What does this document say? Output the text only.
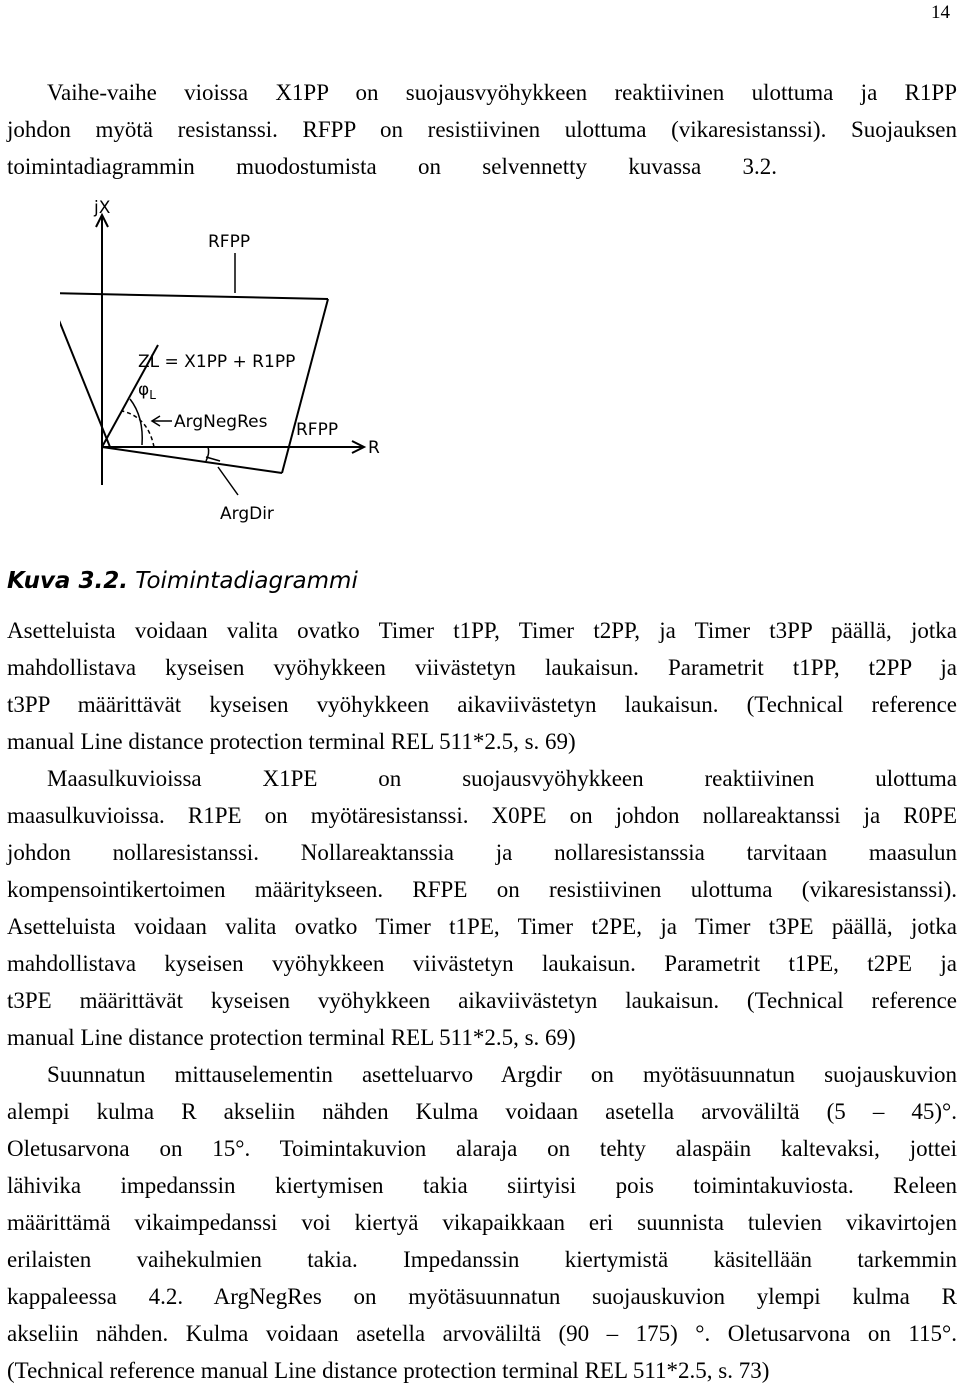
14
Vaihe-vaihe vioissa X1PP on suojausvyöhykkeen reaktiivinen ulottuma ja R1PP
johdon myötä resistanssi. RFPP on resistiivinen ulottuma (vikaresistanssi). Suojauksen
toimintadiagrammin muodostumista on selvennetty kuvassa 3.2.
jX
RFPP
ZL = X1PP + R1PP
$\varphi_L$
ArgNegRes RFPP
R
ArgDir
Kuva 3.2. Toimintadiagrammi
Asetteluista voidaan valita ovatko Timer t1PP, Timer t2PP, ja Timer t3PP päällä, jotka
mahdollistava kyseisen vyöhykkeen viivästetyn laukaisun. Parametrit t1PP, t2PP ja
t3PP määrittävät kyseisen vyöhykkeen aikaviivästetyn laukaisun. (Technical reference
manual Line distance protection terminal REL 511*2.5, s. 69)
Maasulkuvioissa X1PE on suojausvyöhykkeen reaktiivinen ulottuma
maasulkuvioissa. R1PE on myötäresistanssi. X0PE on johdon nollareaktanssi ja R0PE
johdon nollaresistanssi. Nollareaktanssia ja nollaresistanssia tarvitaan maasulun
kompensointikertoimen määritykseen. RFPE on resistiivinen ulottuma (vikaresistanssi).
Asetteluista voidaan valita ovatko Timer t1PE, Timer t2PE, ja Timer t3PE päällä, jotka
mahdollistava kyseisen vyöhykkeen viivästetyn laukaisun. Parametrit t1PE, t2PE ja
t3PE määrittävät kyseisen vyöhykkeen aikaviivästetyn laukaisun. (Technical reference
manual Line distance protection terminal REL 511*2.5, s. 69)
Suunnatun mittauselementin asetteluarvo Argdir on myötäsuunnatun suojauskuvion
alempi kulma R akseliin nähden Kulma voidaan asetella arvoväliltä (5 – 45)°.
Oletusarvona on 15°. Toimintakuvion alaraja on tehty alaspäin kaltevaksi, jottei
lähivika impedanssin kiertymisen takia siirtyisi pois toimintakuviosta. Releen
määrittämä vikaimpedanssi voi kiertyä vikapaikkaan eri suunnista tulevien vikavirtojen
erilaisten vaihekulmien takia. Impedanssin kiertymistä käsitellään tarkemmin
kappaleessa 4.2. ArgNegRes on myötäsuunnatun suojauskuvion ylempi kulma R
akseliin nähden. Kulma voidaan asetella arvoväliltä (90 – 175) °. Oletusarvona on 115°.
(Technical reference manual Line distance protection terminal REL 511*2.5, s. 73)
